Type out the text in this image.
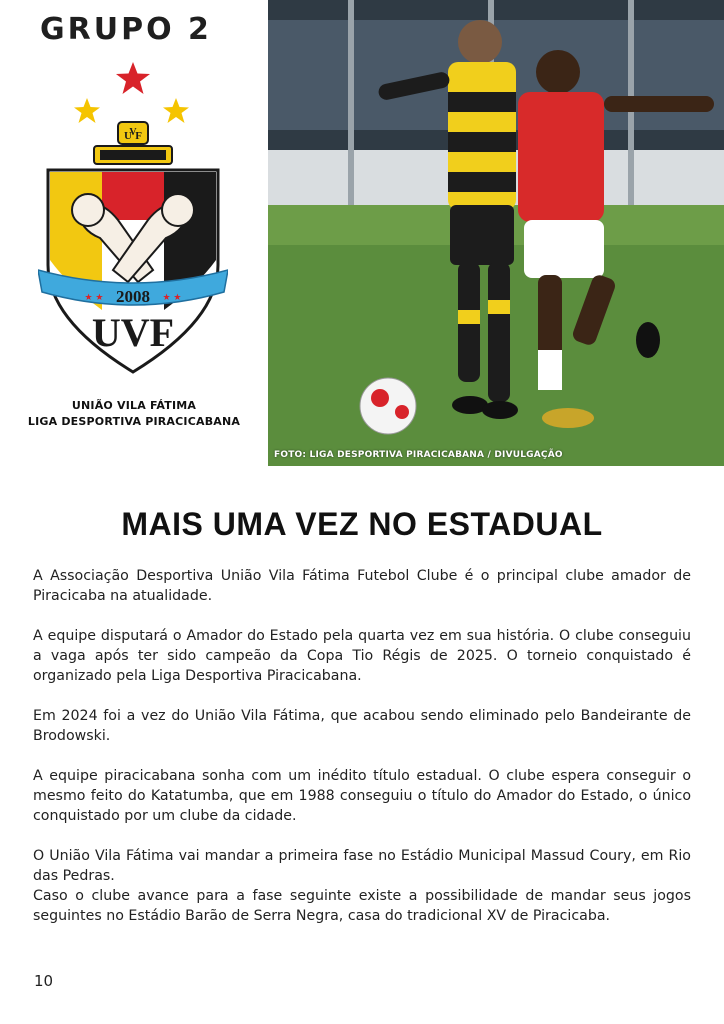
GRUPO 2
U
V
F
2008
★ ★	★ ★
UVF
UNIÃO VILA FÁTIMA
LIGA DESPORTIVA PIRACICABANA
FOTO: LIGA DESPORTIVA PIRACICABANA / DIVULGAÇÃO
MAIS UMA VEZ NO ESTADUAL

A Associação Desportiva União Vila Fátima Futebol Clube é o principal clube amador de Piracicaba na atualidade.

A equipe disputará o Amador do Estado pela quarta vez em sua história. O clube conseguiu a vaga após ter sido campeão da Copa Tio Régis de 2025. O torneio conquistado é organizado pela Liga Desportiva Piracicabana.

Em 2024 foi a vez do União Vila Fátima, que acabou sendo eliminado pelo Bandeirante de Brodowski.

A equipe piracicabana sonha com um inédito título estadual. O clube espera conseguir o mesmo feito do Katatumba, que em 1988 conseguiu o título do Amador do Estado, o único conquistado por um clube da cidade.

O União Vila Fátima vai mandar a primeira fase no Estádio Municipal Massud Coury, em Rio das Pedras.

Caso o clube avance para a fase seguinte existe a possibilidade de mandar seus jogos seguintes no Estádio Barão de Serra Negra, casa do tradicional XV de Piracicaba.

10
